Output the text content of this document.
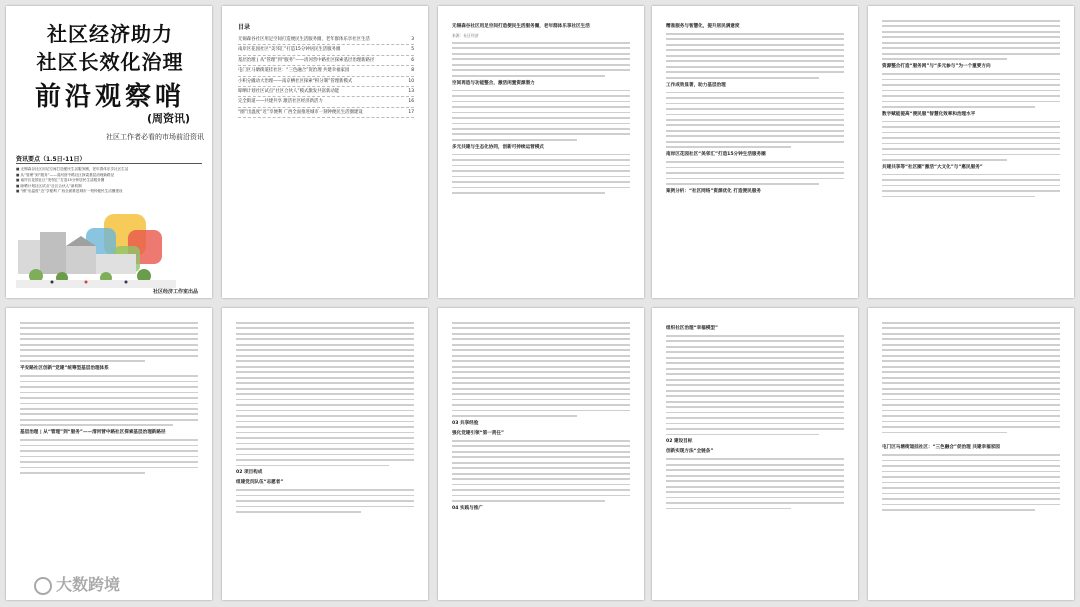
社区经济助力
社区长效化治理
前沿观察哨
(周资讯)
社区工作者必看的市场前沿资讯
资讯要点（1.5日-11日）
■ 无锡森谷社区用足空间打造便民生活服务圈，老年群体乐享社区生活
■ 从“管理”到“服务”——清河营中路社区探索基层治理新路径
■ 南岸区花园社区“美邻汇”打造15分钟居民生活服务圈
■ 晾晒计划社区试点“社区合伙人”新机制
■ “圈”出温度“近”享便利 广西全面推进城市一刻钟便民生活圈建设
社区经济工作室出品
目录
3
无锡森谷社区用足空间打造便民生活服务圈，老年群体乐享社区生活
5
南岸区花园社区“美邻汇”打造15分钟居民生活服务圈
6
基层治理 | 从“管理”到“服务”——清河营中路社区探索基层治理新路径
8
屯门区马塘街道挂社区：“三色融合”促治理 共建幸福家园
10
小积分撬动大治理——南京栖社区探索“积分制”管理新模式
13
晾晒计划社区试点“社区合伙人”模式激发共富新动能
16
完全街道——共建共享 激活社区经济新活力
17
“圈”出温度“近”享便利 广西全面推进城市一刻钟便民生活圈建设
无锡森谷社区用足空间打造便民生活服务圈，老年群体乐享社区生活
来源：社区经济
空间再造与功能整合，激活闲置资源潜力
多元共建与生态化协同，创新可持续运营模式
精准服务与智慧化，提升居民满意度
工作成效显著，助力基层治理
南岸区花园社区“美邻汇”打造15分钟生活服务圈
案例分析：“社区网络”资源优化 打造便民服务
资源整合打造“服务网”与“多元参与”为一个重要方向
数字赋能提高“便民服”智慧化效率和治理水平
共建共享等“社区圈”激活“大文化”与“惠民服务”
平安路社区创新“党建”统筹型基层治理体系
基层治理 | 从“管理”到“服务”——清河营中路社区探索基层治理新路径
02 项目构成
组建党员队伍“志愿者”
03 共享经验
强化党建引领“第一责任”
04 实践与推广
组织社区治理“幸福模型”
02 建设目标
创新实现方法“全链条”
屯门区马塘街道挂社区：“三色融合”促治理 共建幸福家园
大数跨境
